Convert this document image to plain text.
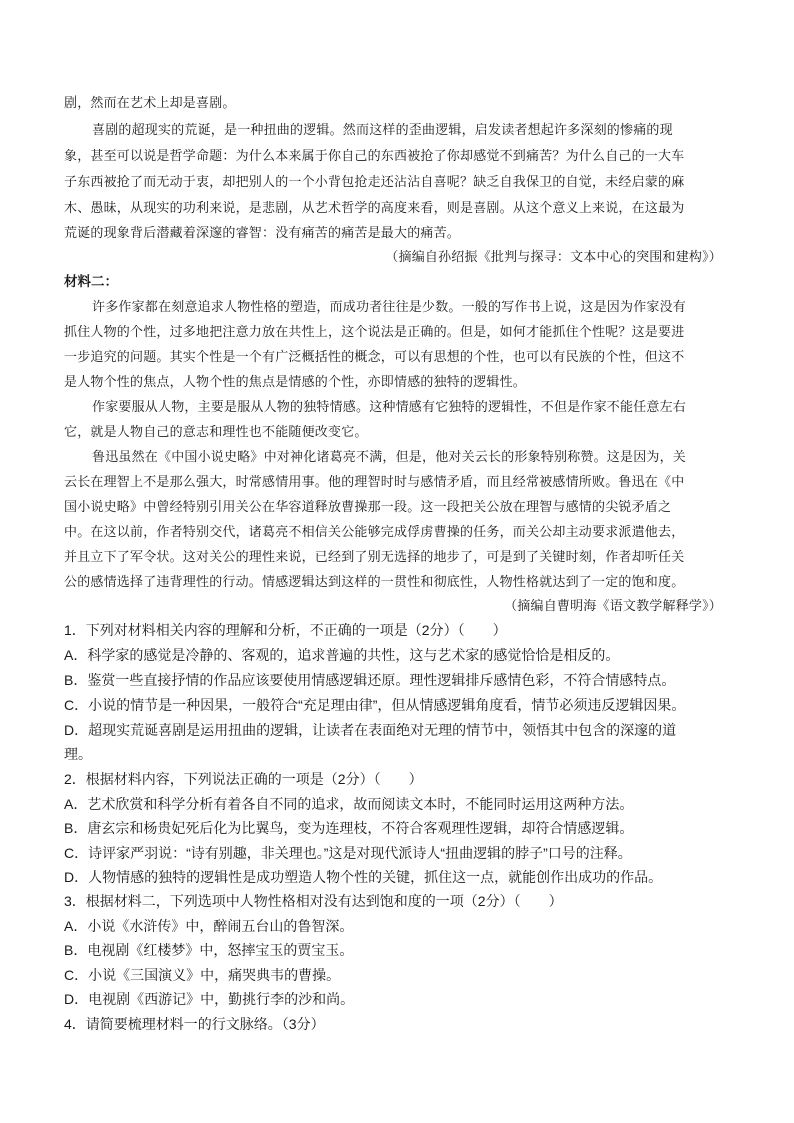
剧，然而在艺术上却是喜剧。
喜剧的超现实的荒诞，是一种扭曲的逻辑。然而这样的歪曲逻辑，启发读者想起许多深刻的惨痛的现
象，甚至可以说是哲学命题：为什么本来属于你自己的东西被抢了你却感觉不到痛苦？为什么自己的一大车
子东西被抢了而无动于衷，却把别人的一个小背包抢走还沾沾自喜呢？缺乏自我保卫的自觉，未经启蒙的麻
木、愚昧，从现实的功利来说，是悲剧，从艺术哲学的高度来看，则是喜剧。从这个意义上来说，在这最为
荒诞的现象背后潜藏着深邃的睿智：没有痛苦的痛苦是最大的痛苦。
（摘编自孙绍振《批判与探寻：文本中心的突围和建构》）
材料二：
许多作家都在刻意追求人物性格的塑造，而成功者往往是少数。一般的写作书上说，这是因为作家没有
抓住人物的个性，过多地把注意力放在共性上，这个说法是正确的。但是，如何才能抓住个性呢？这是要进
一步追究的问题。其实个性是一个有广泛概括性的概念，可以有思想的个性，也可以有民族的个性，但这不
是人物个性的焦点，人物个性的焦点是情感的个性，亦即情感的独特的逻辑性。
作家要服从人物，主要是服从人物的独特情感。这种情感有它独特的逻辑性，不但是作家不能任意左右
它，就是人物自己的意志和理性也不能随便改变它。
鲁迅虽然在《中国小说史略》中对神化诸葛亮不满，但是，他对关云长的形象特别称赞。这是因为，关
云长在理智上不是那么强大，时常感情用事。他的理智时时与感情矛盾，而且经常被感情所败。鲁迅在《中
国小说史略》中曾经特别引用关公在华容道释放曹操那一段。这一段把关公放在理智与感情的尖锐矛盾之
中。在这以前，作者特别交代，诸葛亮不相信关公能够完成俘虏曹操的任务，而关公却主动要求派遣他去，
并且立下了军令状。这对关公的理性来说，已经到了别无选择的地步了，可是到了关键时刻，作者却听任关
公的感情选择了违背理性的行动。情感逻辑达到这样的一贯性和彻底性，人物性格就达到了一定的饱和度。
（摘编自曹明海《语文教学解释学》）
1．下列对材料相关内容的理解和分析，不正确的一项是（2分）（　　）
A．科学家的感觉是冷静的、客观的，追求普遍的共性，这与艺术家的感觉恰恰是相反的。
B．鉴赏一些直接抒情的作品应该要使用情感逻辑还原。理性逻辑排斥感情色彩，不符合情感特点。
C．小说的情节是一种因果，一般符合“充足理由律”，但从情感逻辑角度看，情节必须违反逻辑因果。
D．超现实荒诞喜剧是运用扭曲的逻辑，让读者在表面绝对无理的情节中，领悟其中包含的深邃的道
理。
2．根据材料内容，下列说法正确的一项是（2分）（　　）
A．艺术欣赏和科学分析有着各自不同的追求，故而阅读文本时，不能同时运用这两种方法。
B．唐玄宗和杨贵妃死后化为比翼鸟，变为连理枝，不符合客观理性逻辑，却符合情感逻辑。
C．诗评家严羽说：“诗有别趣，非关理也。”这是对现代派诗人“扭曲逻辑的脖子”口号的注释。
D．人物情感的独特的逻辑性是成功塑造人物个性的关键，抓住这一点，就能创作出成功的作品。
3．根据材料二，下列选项中人物性格相对没有达到饱和度的一项（2分）（　　）
A．小说《水浒传》中，醉闹五台山的鲁智深。
B．电视剧《红楼梦》中，怒摔宝玉的贾宝玉。
C．小说《三国演义》中，痛哭典韦的曹操。
D．电视剧《西游记》中，勤挑行李的沙和尚。
4．请简要梳理材料一的行文脉络。（3分）
